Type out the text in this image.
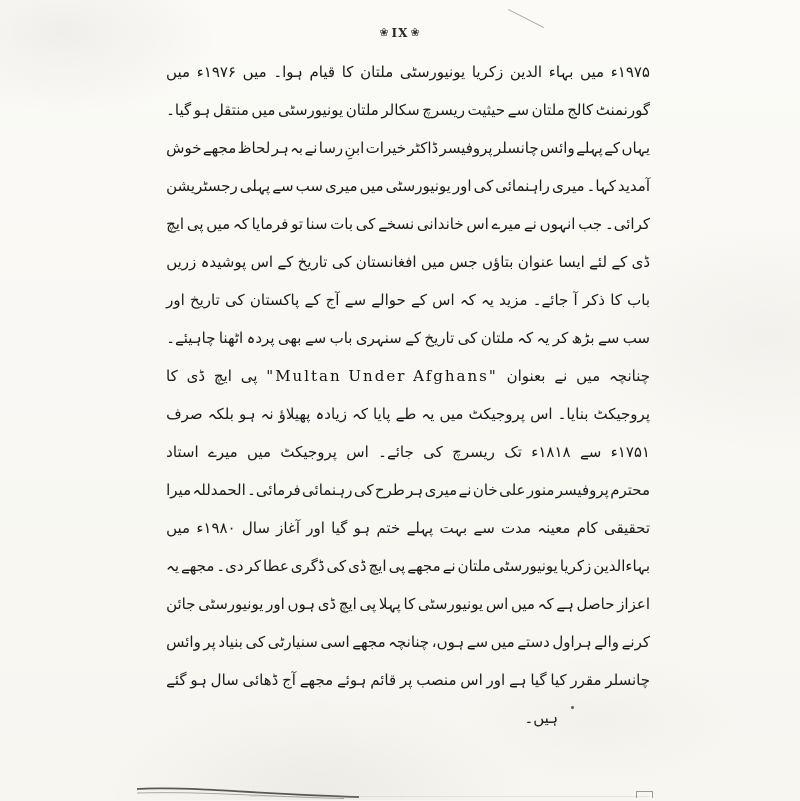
❀ IX ❀
۱۹۷۵ء
میں
بہاء
الدین
زکریا
یونیورسٹی
ملتان
کا
قیام
ہوا۔
میں
۱۹۷۶ء
میں
گورنمنٹ
کالج
ملتان
سے
حیثیت
ریسرچ
سکالر
ملتان
یونیورسٹی
میں
منتقل
ہو
گیا۔
یہاں
کے
پہلے
وائس
چانسلر
پروفیسر
ڈاکٹر
خیرات
ابنِ
رسا
نے
بہ
ہر
لحاظ
مجھے
خوش
آمدید
کہا۔
میری
راہنمائی
کی
اور
یونیورسٹی
میں
میری
سب
سے
پہلی
رجسٹریشن
کرائی۔
جب
انہوں
نے
میرے
اس
خاندانی
نسخے
کی
بات
سنا
تو
فرمایا
کہ
میں
پی
ایچ
ڈی
کے
لئے
ایسا
عنوان
بتاؤں
جس
میں
افغانستان
کی
تاریخ
کے
اس
پوشیدہ
زریں
باب
کا
ذکر
آ
جائے۔
مزید
یہ
کہ
اس
کے
حوالے
سے
آج
کے
پاکستان
کی
تاریخ
اور
سب
سے
بڑھ
کر
یہ
کہ
ملتان
کی
تاریخ
کے
سنہری
باب
سے
بھی
پردہ
اٹھنا
چاہیئے۔
چنانچہ
میں
نے
بعنوان
"Multan Under Afghans"
پی
ایچ
ڈی
کا
پروجیکٹ
بنایا۔
اس
پروجیکٹ
میں
یہ
طے
پایا
کہ
زیادہ
پھیلاؤ
نہ
ہو
بلکہ
صرف
۱۷۵۱ء
سے
۱۸۱۸ء
تک
ریسرچ
کی
جائے۔
اس
پروجیکٹ
میں
میرے
استاد
محترم
پروفیسر
منور
علی
خان
نے
میری
ہر
طرح
کی
رہنمائی
فرمائی۔
الحمدللہ
میرا
تحقیقی
کام
معینہ
مدت
سے
بہت
پہلے
ختم
ہو
گیا
اور
آغاز
سال
۱۹۸۰ء
میں
بہاءالدین
زکریا
یونیورسٹی
ملتان
نے
مجھے
پی
ایچ
ڈی
کی
ڈگری
عطا
کر
دی۔
مجھے
یہ
اعزاز
حاصل
ہے
کہ
میں
اس
یونیورسٹی
کا
پہلا
پی
ایچ
ڈی
ہوں
اور
یونیورسٹی
جائن
کرنے
والے
ہراول
دستے
میں
سے
ہوں،
چنانچہ
مجھے
اسی
سنیارٹی
کی
بنیاد
پر
وائس
چانسلر
مقرر
کیا
گیا
ہے
اور
اس
منصب
پر
قائم
ہوئے
مجھے
آج
ڈھائی
سال
ہو
گئے
ہیں۔
